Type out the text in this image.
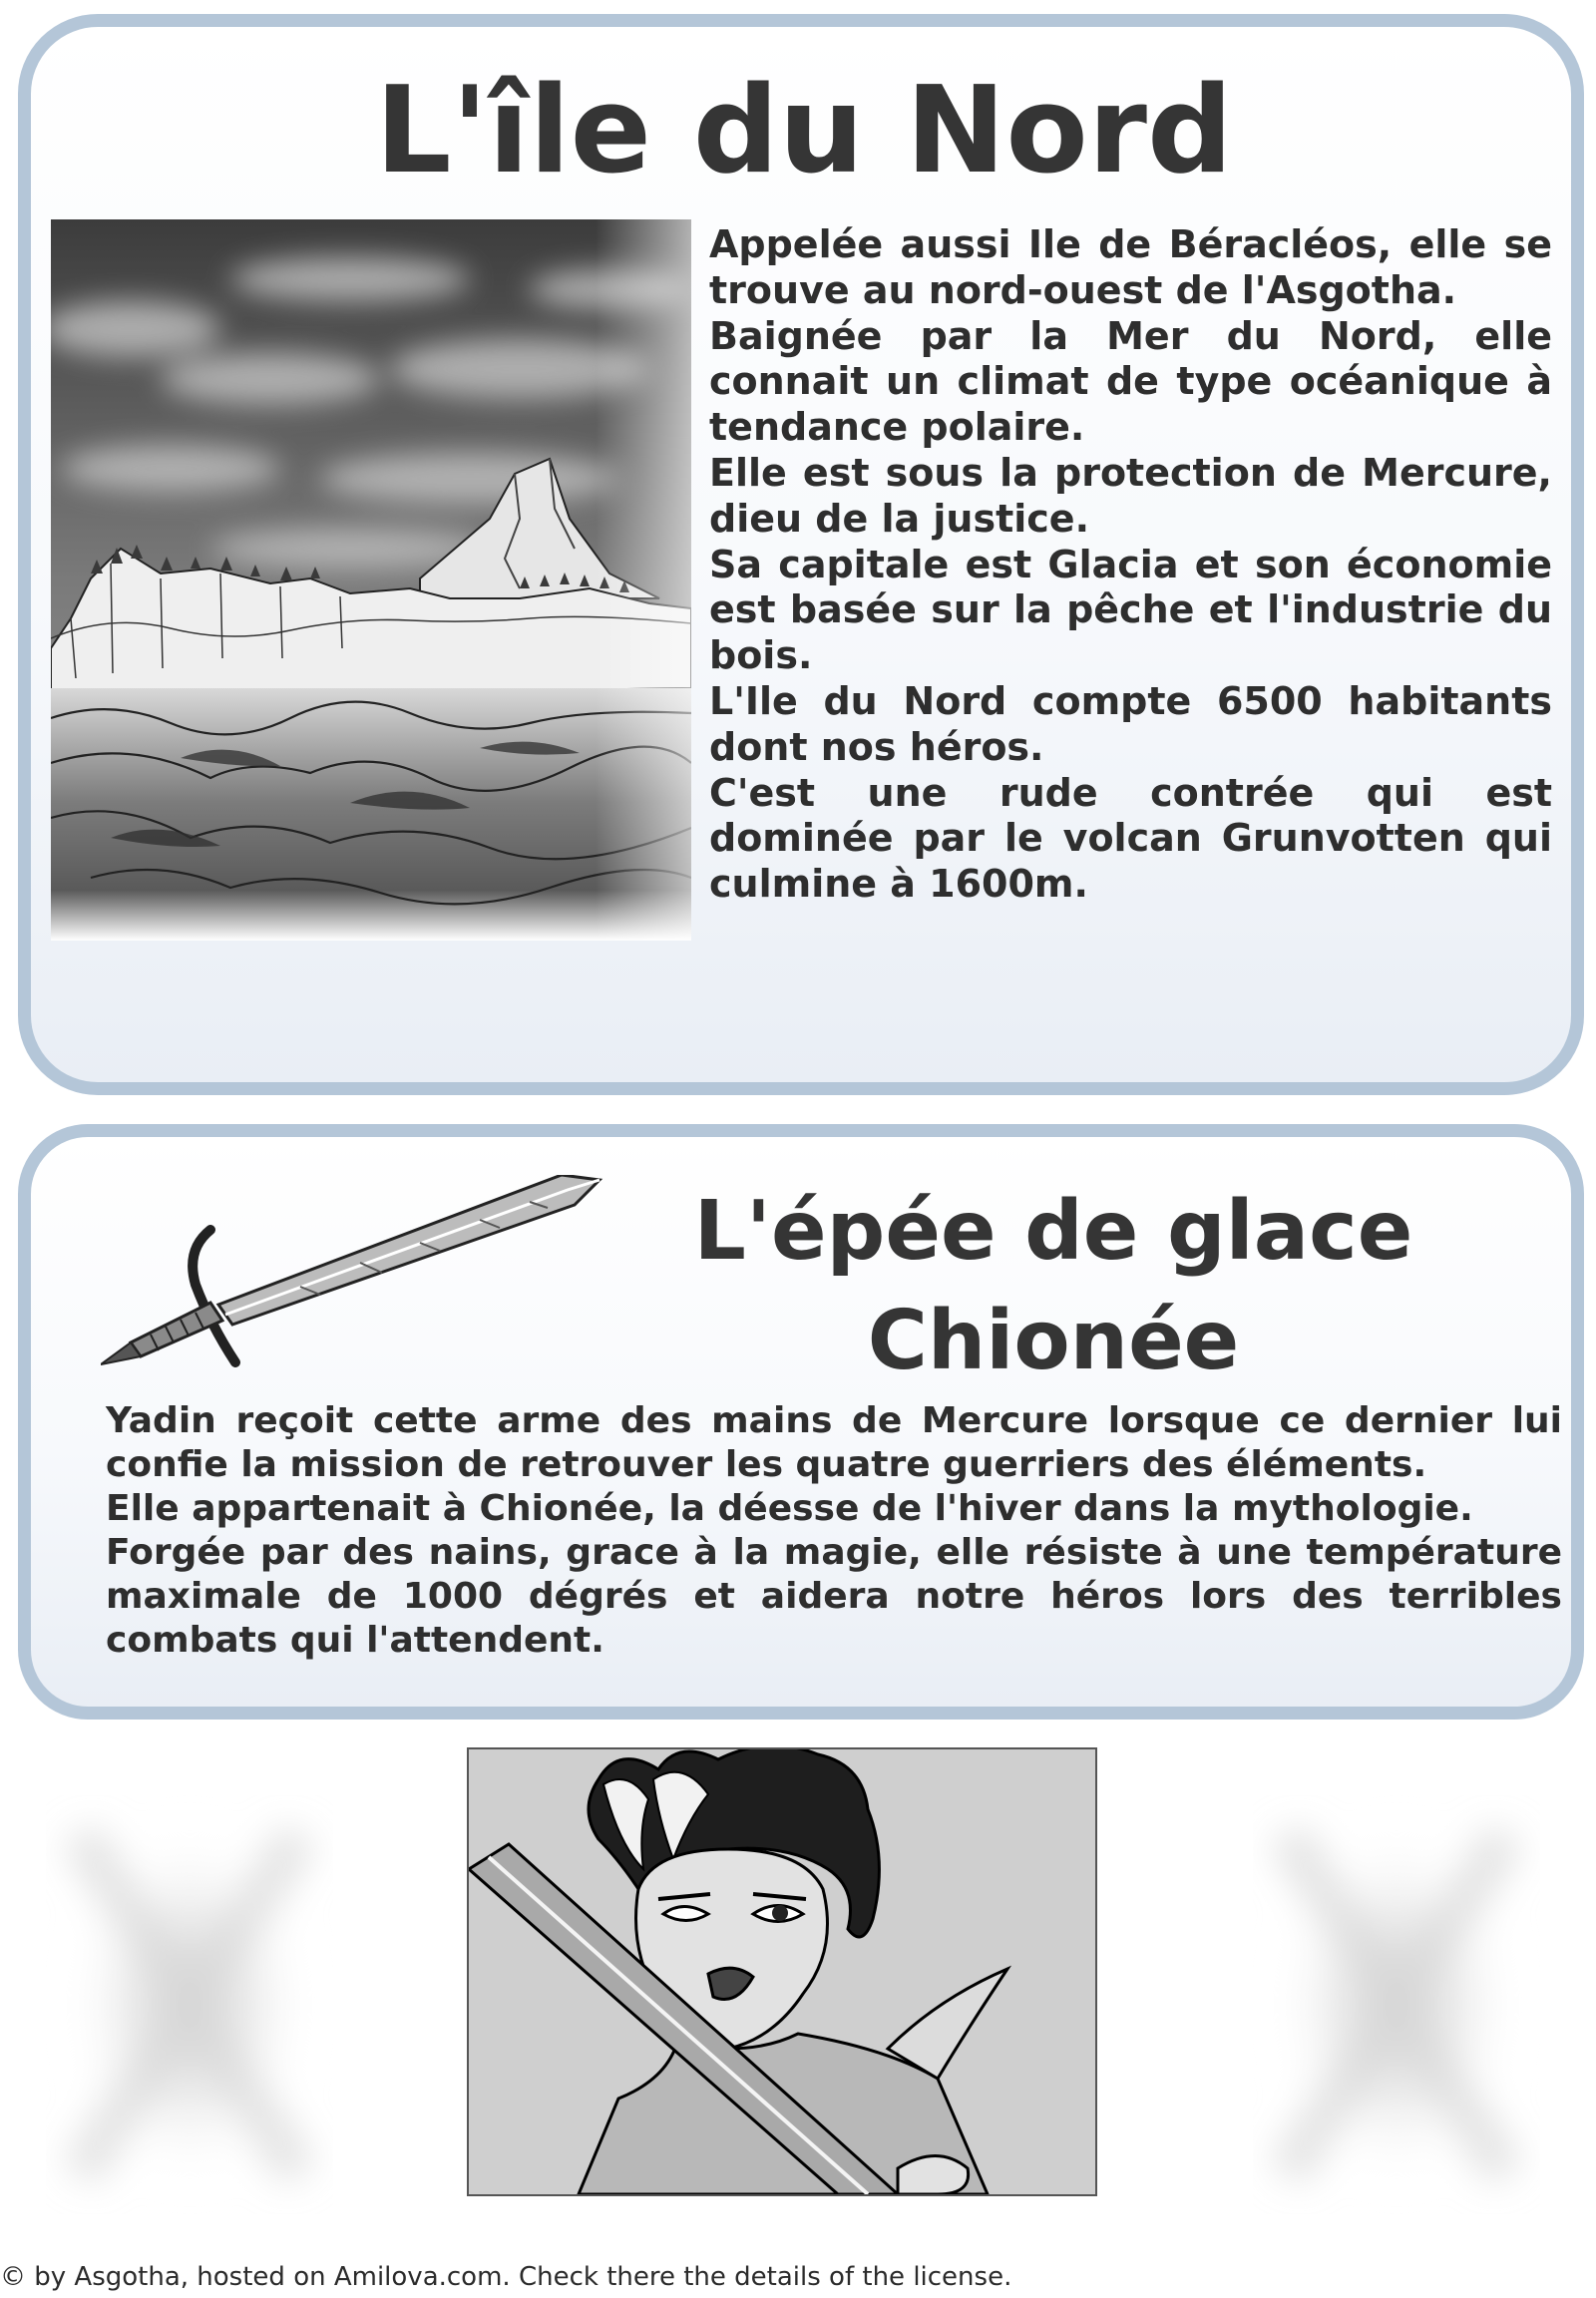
L'île du Nord

Appelée aussi Ile de Béracléos, elle se trouve au nord-ouest de l'Asgotha.

Baignée par la Mer du Nord, elle connait un climat de type océanique à tendance polaire.

Elle est sous la protection de Mercure, dieu de la justice.

Sa capitale est Glacia et son économie est basée sur la pêche et l'industrie du bois.

L'Ile du Nord compte 6500 habitants dont nos héros.

C'est une rude contrée qui est dominée par le volcan Grunvotten qui culmine à 1600m.

L'épée de glace
Chionée

Yadin reçoit cette arme des mains de Mercure lorsque ce dernier lui confie la mission de retrouver les quatre guerriers des éléments.

Elle appartenait à Chionée, la déesse de l'hiver dans la mythologie.

Forgée par des nains, grace à la magie, elle résiste à une température maximale de 1000 dégrés et aidera notre héros lors des terribles combats qui l'attendent.

© by Asgotha, hosted on Amilova.com. Check there the details of the license.
